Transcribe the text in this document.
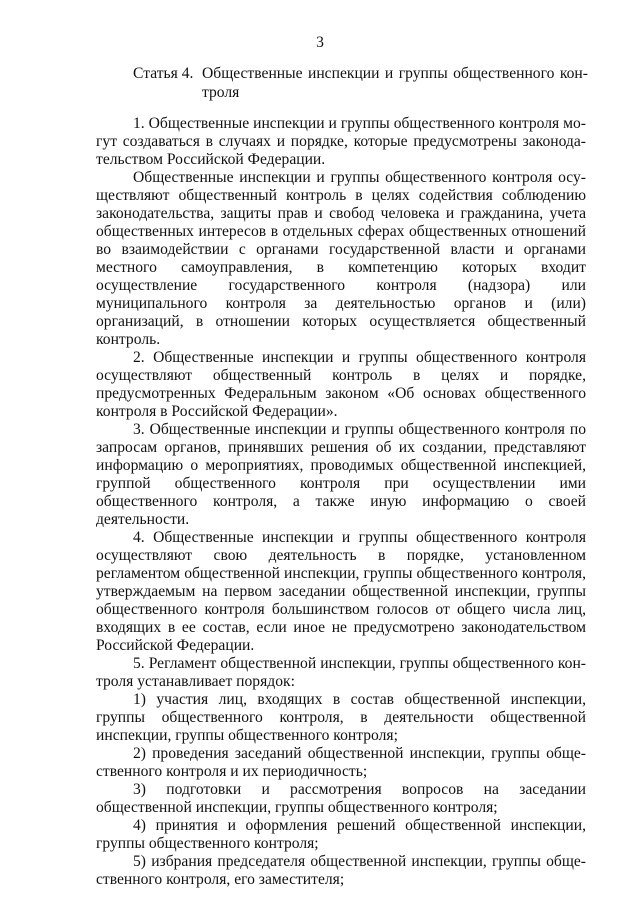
3
Статья 4. Общественные инспекции и группы общественного контроля

1. Общественные инспекции и группы общественного контроля могут создаваться в случаях и порядке, которые предусмотрены законодательством Российской Федерации.

Общественные инспекции и группы общественного контроля осуществляют общественный контроль в целях содействия соблюдению законодательства, защиты прав и свобод человека и гражданина, учета общественных интересов в отдельных сферах общественных отношений во взаимодействии с органами государственной власти и органами местного самоуправления, в компетенцию которых входит осуществление государственного контроля (надзора) или муниципального контроля за деятельностью органов и (или) организаций, в отношении которых осуществляется общественный контроль.

2. Общественные инспекции и группы общественного контроля осуществляют общественный контроль в целях и порядке, предусмотренных Федеральным законом «Об основах общественного контроля в Российской Федерации».

3. Общественные инспекции и группы общественного контроля по запросам органов, принявших решения об их создании, представляют информацию о мероприятиях, проводимых общественной инспекцией, группой общественного контроля при осуществлении ими общественного контроля, а также иную информацию о своей деятельности.

4. Общественные инспекции и группы общественного контроля осуществляют свою деятельность в порядке, установленном регламентом общественной инспекции, группы общественного контроля, утверждаемым на первом заседании общественной инспекции, группы общественного контроля большинством голосов от общего числа лиц, входящих в ее состав, если иное не предусмотрено законодательством Российской Федерации.

5. Регламент общественной инспекции, группы общественного контроля устанавливает порядок:

1) участия лиц, входящих в состав общественной инспекции, группы общественного контроля, в деятельности общественной инспекции, группы общественного контроля;

2) проведения заседаний общественной инспекции, группы общественного контроля и их периодичность;

3) подготовки и рассмотрения вопросов на заседании общественной инспекции, группы общественного контроля;

4) принятия и оформления решений общественной инспекции, группы общественного контроля;

5) избрания председателя общественной инспекции, группы общественного контроля, его заместителя;
